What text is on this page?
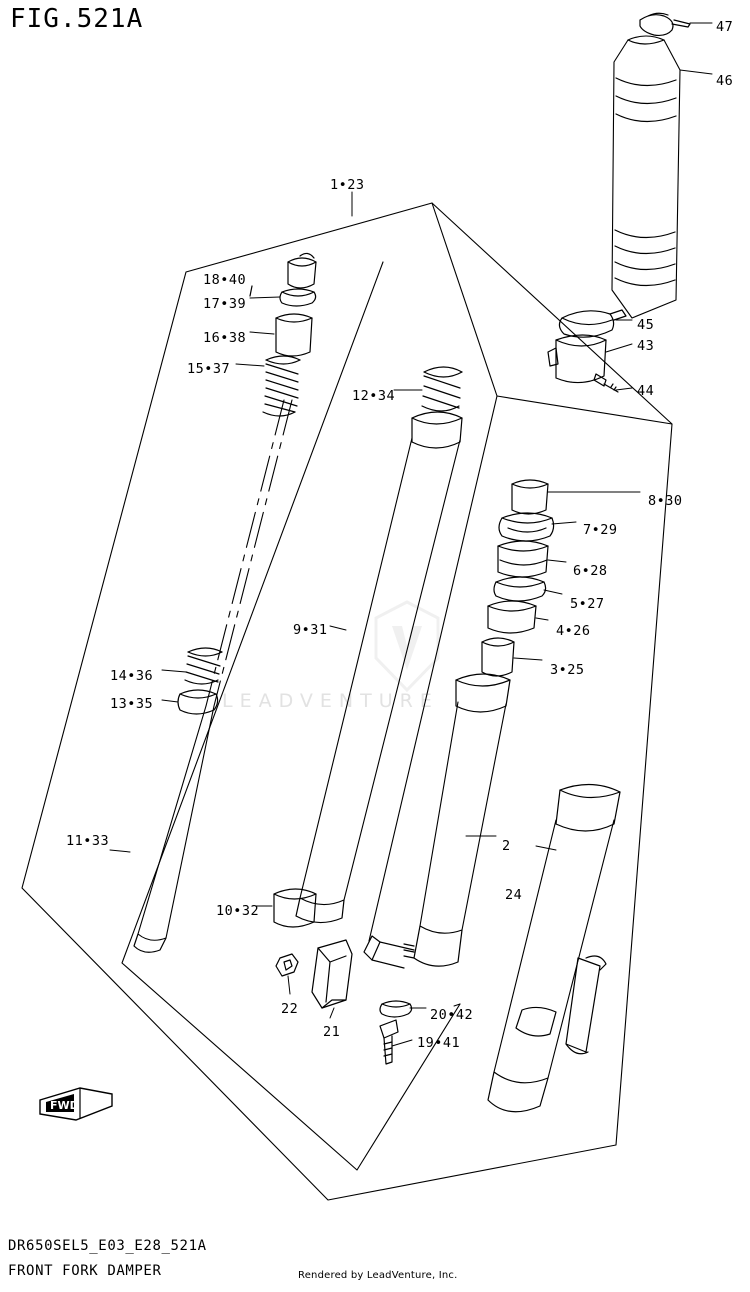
FIG.521A
LEADVENTURE
FWD
DR650SEL5_E03_E28_521A
FRONT FORK DAMPER	Rendered by LeadVenture, Inc.
47
46
1•23
18•40
17•39
16•38
15•37
45
43
44
12•34
8•30
7•29
6•28
5•27
4•26
9•31
3•25
14•36
13•35
2
11•33
24
10•32
22	20•42
21
19•41
